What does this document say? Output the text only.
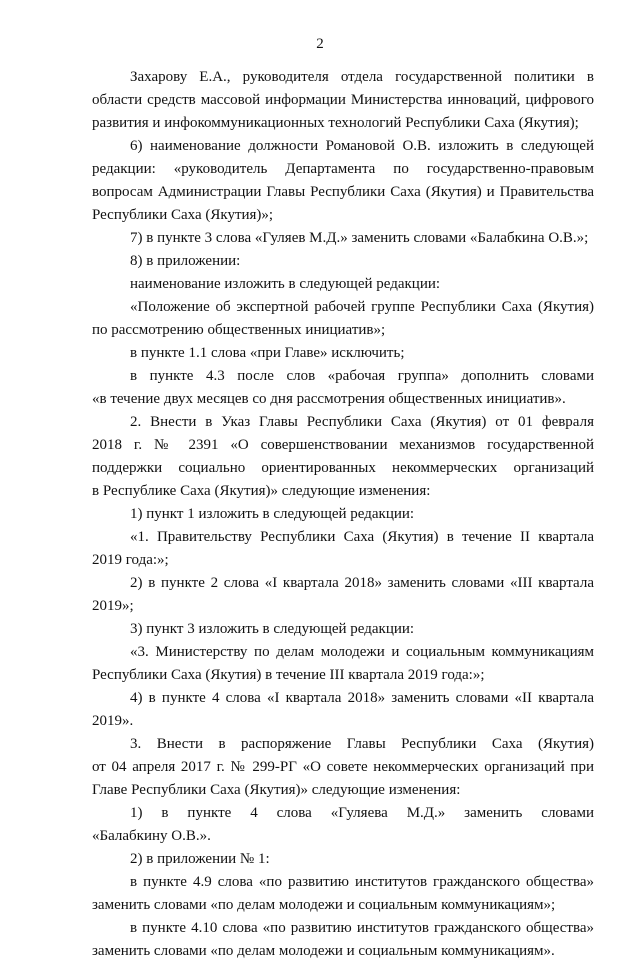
2
Захарову Е.А., руководителя отдела государственной политики в
области средств массовой информации Министерства инноваций, цифрового
развития и инфокоммуникационных технологий Республики Саха (Якутия);
6) наименование должности Романовой О.В. изложить в следующей
редакции: «руководитель Департамента по государственно-правовым
вопросам Администрации Главы Республики Саха (Якутия) и Правительства
Республики Саха (Якутия)»;
7) в пункте 3 слова «Гуляев М.Д.» заменить словами «Балабкина О.В.»;
8) в приложении:
наименование изложить в следующей редакции:
«Положение об экспертной рабочей группе Республики Саха (Якутия)
по рассмотрению общественных инициатив»;
в пункте 1.1 слова «при Главе» исключить;
в пункте 4.3 после слов «рабочая группа» дополнить словами
«в течение двух месяцев со дня рассмотрения общественных инициатив».
2. Внести в Указ Главы Республики Саха (Якутия) от 01 февраля
2018 г. № 2391 «О совершенствовании механизмов государственной
поддержки социально ориентированных некоммерческих организаций
в Республике Саха (Якутия)» следующие изменения:
1) пункт 1 изложить в следующей редакции:
«1. Правительству Республики Саха (Якутия) в течение II квартала
2019 года:»;
2) в пункте 2 слова «I квартала 2018» заменить словами «III квартала
2019»;
3) пункт 3 изложить в следующей редакции:
«3. Министерству по делам молодежи и социальным коммуникациям
Республики Саха (Якутия) в течение III квартала 2019 года:»;
4) в пункте 4 слова «I квартала 2018» заменить словами «II квартала
2019».
3. Внести в распоряжение Главы Республики Саха (Якутия)
от 04 апреля 2017 г. № 299-РГ «О совете некоммерческих организаций при
Главе Республики Саха (Якутия)» следующие изменения:
1) в пункте 4 слова «Гуляева М.Д.» заменить словами
«Балабкину О.В.».
2) в приложении № 1:
в пункте 4.9 слова «по развитию институтов гражданского общества»
заменить словами «по делам молодежи и социальным коммуникациям»;
в пункте 4.10 слова «по развитию институтов гражданского общества»
заменить словами «по делам молодежи и социальным коммуникациям».
